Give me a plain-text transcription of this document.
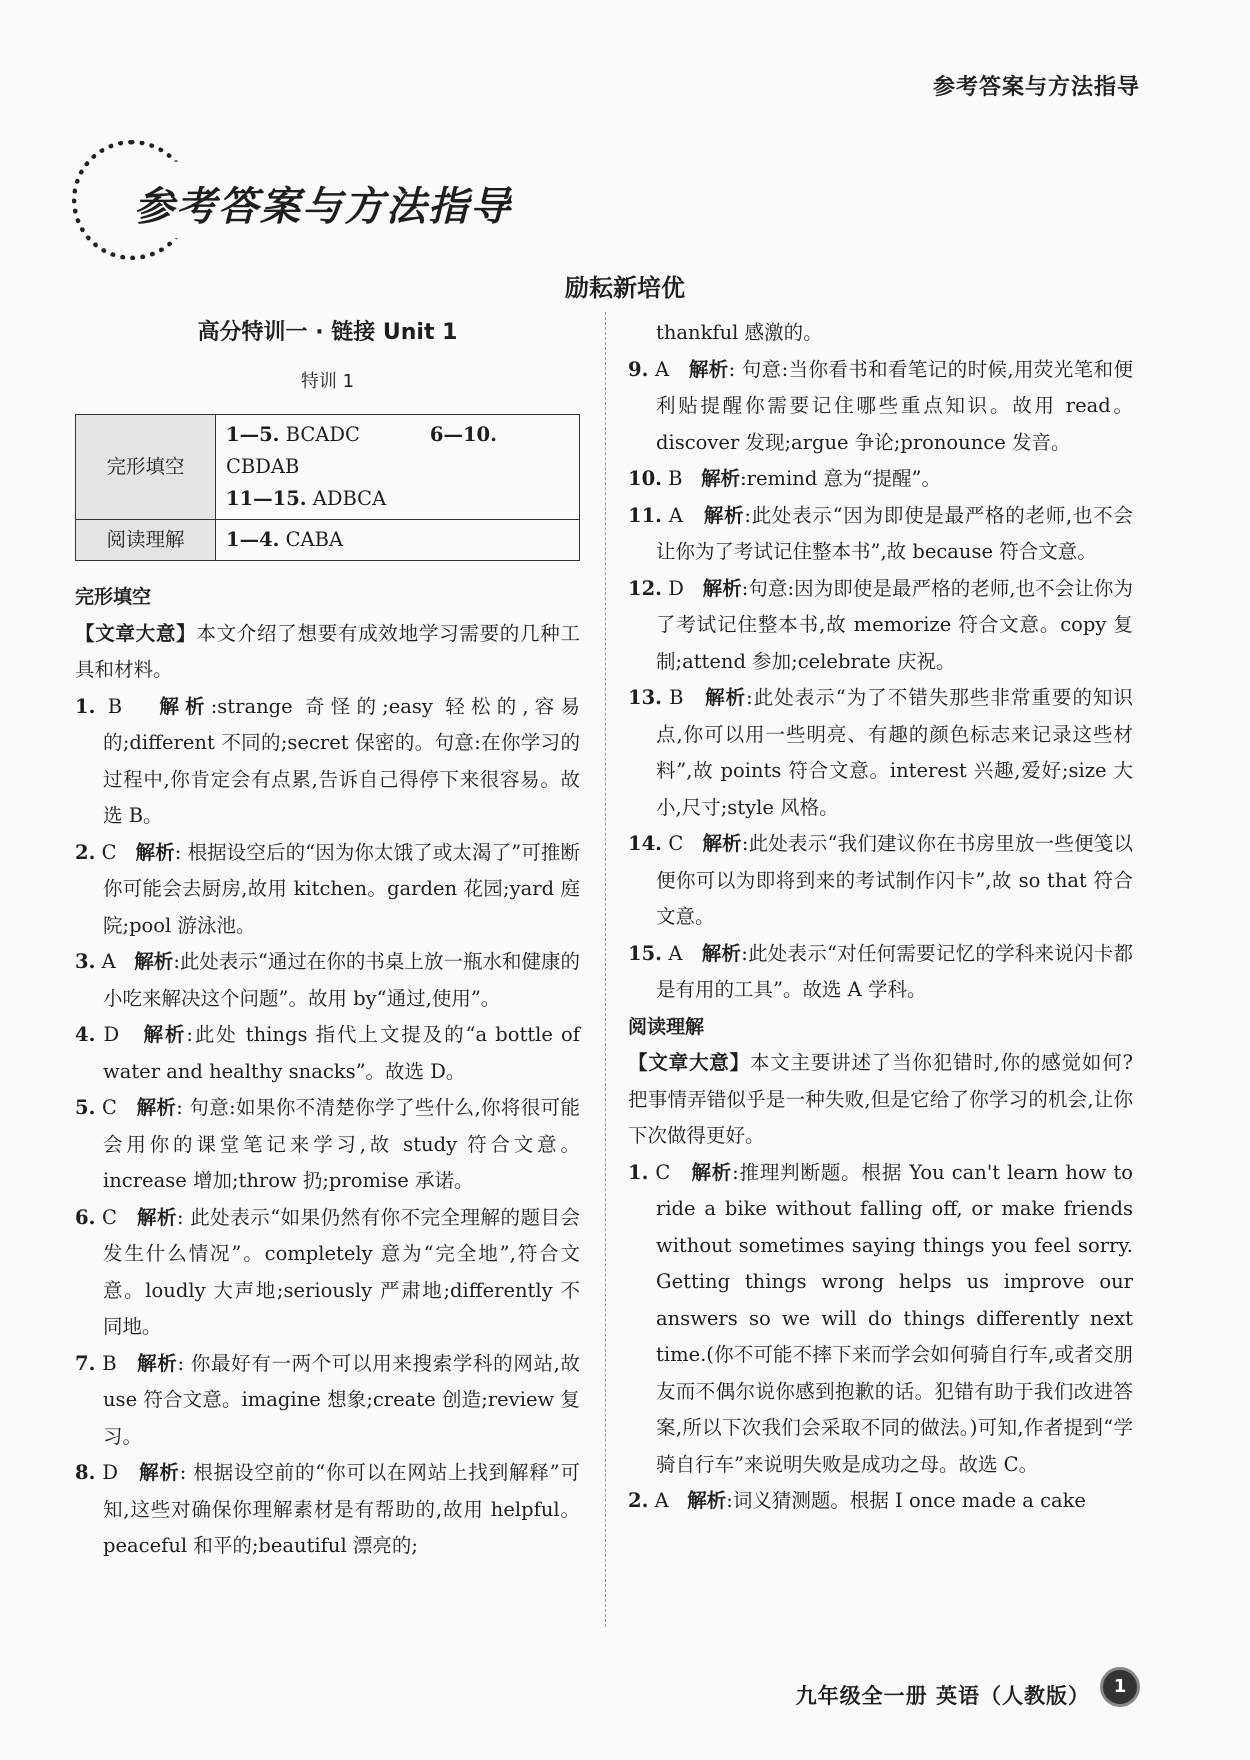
参考答案与方法指导
参考答案与方法指导
励耘新培优
高分特训一 · 链接 Unit 1
特训 1
完形填空	1—5. BCADC 6—10. CBDAB
11—15. ADBCA
阅读理解	1—4. CABA
完形填空
【文章大意】本文介绍了想要有成效地学习需要的几种工具和材料。
1. B 解析:strange 奇怪的;easy 轻松的,容易的;different 不同的;secret 保密的。句意:在你学习的过程中,你肯定会有点累,告诉自己得停下来很容易。故选 B。
2. C 解析: 根据设空后的“因为你太饿了或太渴了”可推断你可能会去厨房,故用 kitchen。garden 花园;yard 庭院;pool 游泳池。
3. A 解析:此处表示“通过在你的书桌上放一瓶水和健康的小吃来解决这个问题”。故用 by“通过,使用”。
4. D 解析:此处 things 指代上文提及的“a bottle of water and healthy snacks”。故选 D。
5. C 解析: 句意:如果你不清楚你学了些什么,你将很可能会用你的课堂笔记来学习,故 study 符合文意。increase 增加;throw 扔;promise 承诺。
6. C 解析: 此处表示“如果仍然有你不完全理解的题目会发生什么情况”。completely 意为“完全地”,符合文意。loudly 大声地;seriously 严肃地;differently 不同地。
7. B 解析: 你最好有一两个可以用来搜索学科的网站,故 use 符合文意。imagine 想象;create 创造;review 复习。
8. D 解析: 根据设空前的“你可以在网站上找到解释”可知,这些对确保你理解素材是有帮助的,故用 helpful。peaceful 和平的;beautiful 漂亮的;
thankful 感激的。
9. A 解析: 句意:当你看书和看笔记的时候,用荧光笔和便利贴提醒你需要记住哪些重点知识。故用 read。discover 发现;argue 争论;pronounce 发音。
10. B 解析:remind 意为“提醒”。
11. A 解析:此处表示“因为即使是最严格的老师,也不会让你为了考试记住整本书”,故 because 符合文意。
12. D 解析:句意:因为即使是最严格的老师,也不会让你为了考试记住整本书,故 memorize 符合文意。copy 复制;attend 参加;celebrate 庆祝。
13. B 解析:此处表示“为了不错失那些非常重要的知识点,你可以用一些明亮、有趣的颜色标志来记录这些材料”,故 points 符合文意。interest 兴趣,爱好;size 大小,尺寸;style 风格。
14. C 解析:此处表示“我们建议你在书房里放一些便笺以便你可以为即将到来的考试制作闪卡”,故 so that 符合文意。
15. A 解析:此处表示“对任何需要记忆的学科来说闪卡都是有用的工具”。故选 A 学科。
阅读理解
【文章大意】本文主要讲述了当你犯错时,你的感觉如何? 把事情弄错似乎是一种失败,但是它给了你学习的机会,让你下次做得更好。
1. C 解析:推理判断题。根据 You can't learn how to ride a bike without falling off, or make friends without sometimes saying things you feel sorry. Getting things wrong helps us improve our answers so we will do things differently next time.(你不可能不摔下来而学会如何骑自行车,或者交朋友而不偶尔说你感到抱歉的话。犯错有助于我们改进答案,所以下次我们会采取不同的做法。)可知,作者提到“学骑自行车”来说明失败是成功之母。故选 C。
2. A 解析:词义猜测题。根据 I once made a cake
九年级全一册 英语（人教版）	1
